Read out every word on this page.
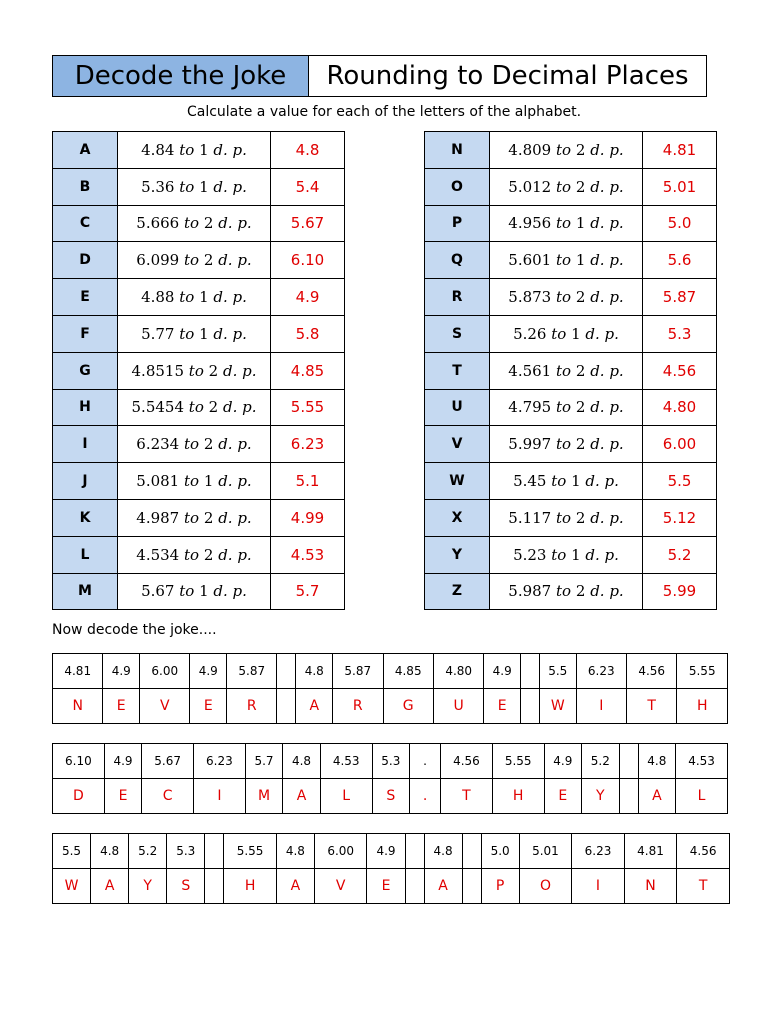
Decode the Joke	Rounding to Decimal Places
Calculate a value for each of the letters of the alphabet.
A	4.84 to 1 d. p.	4.8
B	5.36 to 1 d. p.	5.4
C	5.666 to 2 d. p.	5.67
D	6.099 to 2 d. p.	6.10
E	4.88 to 1 d. p.	4.9
F	5.77 to 1 d. p.	5.8
G	4.8515 to 2 d. p.	4.85
H	5.5454 to 2 d. p.	5.55
I	6.234 to 2 d. p.	6.23
J	5.081 to 1 d. p.	5.1
K	4.987 to 2 d. p.	4.99
L	4.534 to 2 d. p.	4.53
M	5.67 to 1 d. p.	5.7
N	4.809 to 2 d. p.	4.81
O	5.012 to 2 d. p.	5.01
P	4.956 to 1 d. p.	5.0
Q	5.601 to 1 d. p.	5.6
R	5.873 to 2 d. p.	5.87
S	5.26 to 1 d. p.	5.3
T	4.561 to 2 d. p.	4.56
U	4.795 to 2 d. p.	4.80
V	5.997 to 2 d. p.	6.00
W	5.45 to 1 d. p.	5.5
X	5.117 to 2 d. p.	5.12
Y	5.23 to 1 d. p.	5.2
Z	5.987 to 2 d. p.	5.99
Now decode the joke....
4.81	4.9	6.00	4.9	5.87		4.8	5.87	4.85	4.80	4.9		5.5	6.23	4.56	5.55
N	E	V	E	R		A	R	G	U	E		W	I	T	H
6.10	4.9	5.67	6.23	5.7	4.8	4.53	5.3	.	4.56	5.55	4.9	5.2		4.8	4.53
D	E	C	I	M	A	L	S	.	T	H	E	Y		A	L
5.5	4.8	5.2	5.3		5.55	4.8	6.00	4.9		4.8		5.0	5.01	6.23	4.81	4.56
W	A	Y	S		H	A	V	E		A		P	O	I	N	T
